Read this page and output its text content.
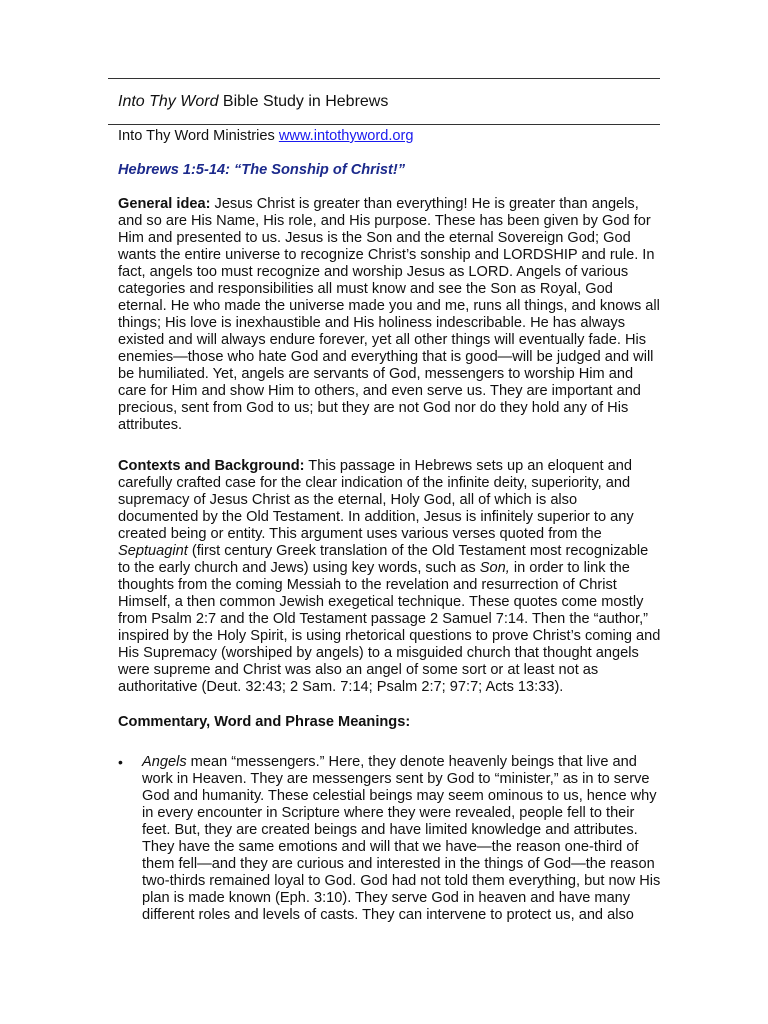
Into Thy Word Bible Study in Hebrews
Into Thy Word Ministries www.intothyword.org
Hebrews 1:5-14: “The Sonship of Christ!”

General idea: Jesus Christ is greater than everything! He is greater than angels,
and so are His Name, His role, and His purpose. These has been given by God for
Him and presented to us. Jesus is the Son and the eternal Sovereign God; God
wants the entire universe to recognize Christ’s sonship and LORDSHIP and rule. In
fact, angels too must recognize and worship Jesus as LORD. Angels of various
categories and responsibilities all must know and see the Son as Royal, God
eternal. He who made the universe made you and me, runs all things, and knows all
things; His love is inexhaustible and His holiness indescribable. He has always
existed and will always endure forever, yet all other things will eventually fade. His
enemies—those who hate God and everything that is good—will be judged and will
be humiliated. Yet, angels are servants of God, messengers to worship Him and
care for Him and show Him to others, and even serve us. They are important and
precious, sent from God to us; but they are not God nor do they hold any of His
attributes.

Contexts and Background: This passage in Hebrews sets up an eloquent and
carefully crafted case for the clear indication of the infinite deity, superiority, and
supremacy of Jesus Christ as the eternal, Holy God, all of which is also
documented by the Old Testament. In addition, Jesus is infinitely superior to any
created being or entity. This argument uses various verses quoted from the
Septuagint (first century Greek translation of the Old Testament most recognizable
to the early church and Jews) using key words, such as Son, in order to link the
thoughts from the coming Messiah to the revelation and resurrection of Christ
Himself, a then common Jewish exegetical technique. These quotes come mostly
from Psalm 2:7 and the Old Testament passage 2 Samuel 7:14. Then the “author,”
inspired by the Holy Spirit, is using rhetorical questions to prove Christ’s coming and
His Supremacy (worshiped by angels) to a misguided church that thought angels
were supreme and Christ was also an angel of some sort or at least not as
authoritative (Deut. 32:43; 2 Sam. 7:14; Psalm 2:7; 97:7; Acts 13:33).

Commentary, Word and Phrase Meanings:
• Angels mean “messengers.” Here, they denote heavenly beings that live and
work in Heaven. They are messengers sent by God to “minister,” as in to serve
God and humanity. These celestial beings may seem ominous to us, hence why
in every encounter in Scripture where they were revealed, people fell to their
feet. But, they are created beings and have limited knowledge and attributes.
They have the same emotions and will that we have—the reason one-third of
them fell—and they are curious and interested in the things of God—the reason
two-thirds remained loyal to God. God had not told them everything, but now His
plan is made known (Eph. 3:10). They serve God in heaven and have many
different roles and levels of casts. They can intervene to protect us, and also
